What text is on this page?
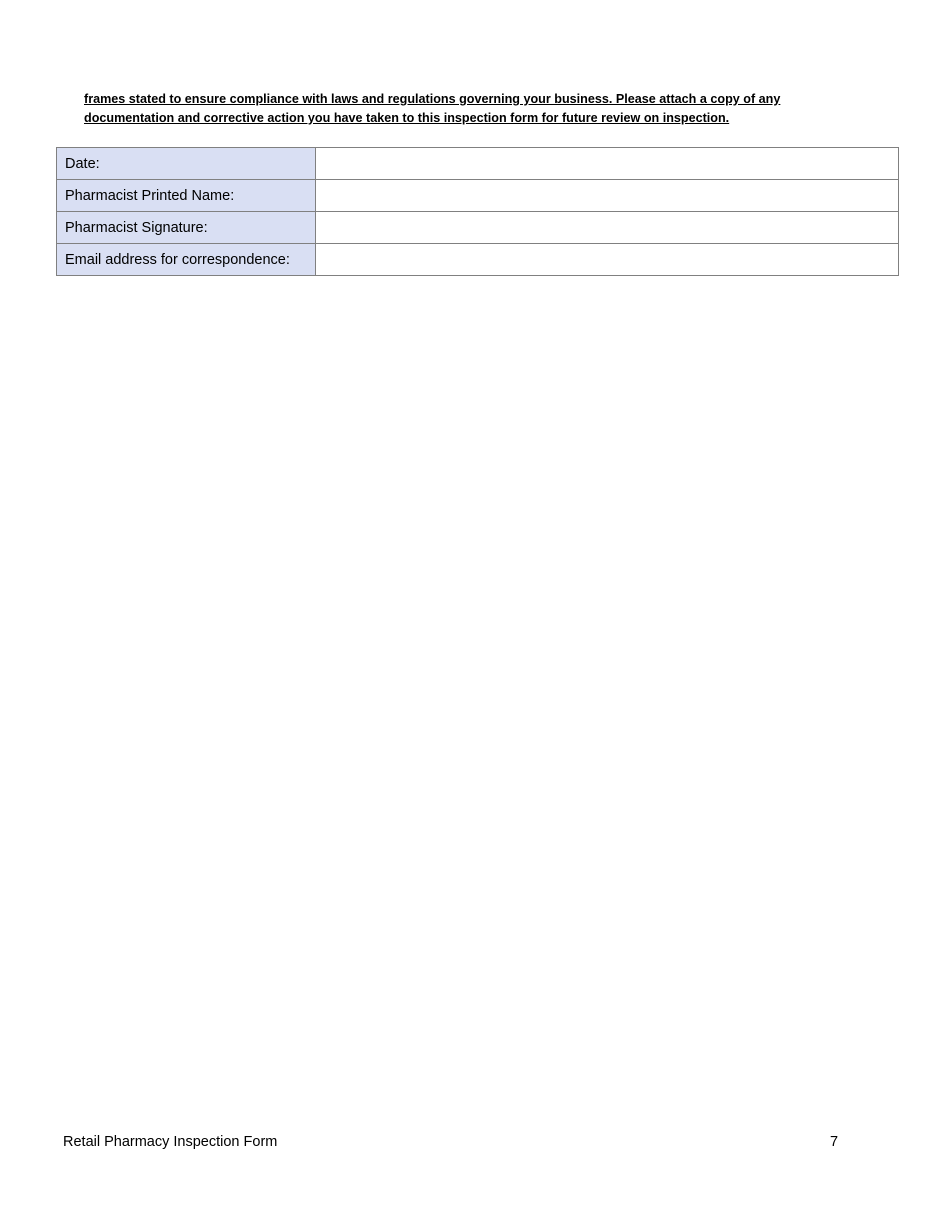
frames stated to ensure compliance with laws and regulations governing your business. Please attach a copy of any
documentation and corrective action you have taken to this inspection form for future review on inspection.

Date:	
Pharmacist Printed Name:	
Pharmacist Signature:	
Email address for correspondence:	
Retail Pharmacy Inspection Form	7
